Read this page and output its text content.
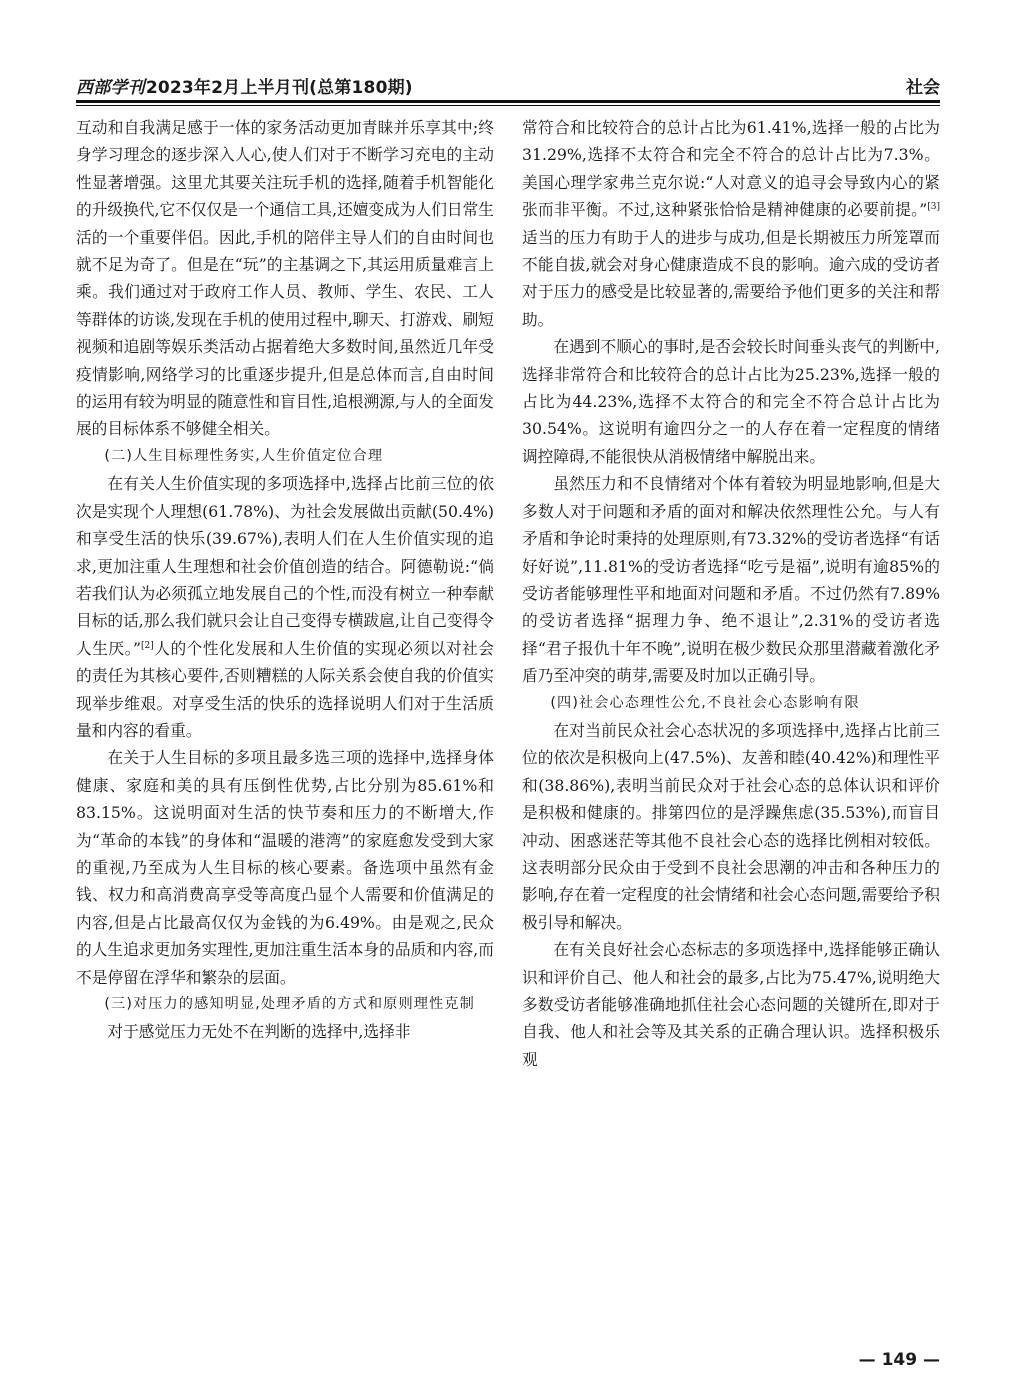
西部学刊2023年2月上半月刊(总第180期)	社会

互动和自我满足感于一体的家务活动更加青睐并乐享其中;终身学习理念的逐步深入人心,使人们对于不断学习充电的主动性显著增强。这里尤其要关注玩手机的选择,随着手机智能化的升级换代,它不仅仅是一个通信工具,还嬗变成为人们日常生活的一个重要伴侣。因此,手机的陪伴主导人们的自由时间也就不足为奇了。但是在“玩”的主基调之下,其运用质量难言上乘。我们通过对于政府工作人员、教师、学生、农民、工人等群体的访谈,发现在手机的使用过程中,聊天、打游戏、刷短视频和追剧等娱乐类活动占据着绝大多数时间,虽然近几年受疫情影响,网络学习的比重逐步提升,但是总体而言,自由时间的运用有较为明显的随意性和盲目性,追根溯源,与人的全面发展的目标体系不够健全相关。

(二)人生目标理性务实,人生价值定位合理

在有关人生价值实现的多项选择中,选择占比前三位的依次是实现个人理想(61.78%)、为社会发展做出贡献(50.4%)和享受生活的快乐(39.67%),表明人们在人生价值实现的追求,更加注重人生理想和社会价值创造的结合。阿德勒说:“倘若我们认为必须孤立地发展自己的个性,而没有树立一种奉献目标的话,那么我们就只会让自己变得专横跋扈,让自己变得令人生厌。”[2]人的个性化发展和人生价值的实现必须以对社会的责任为其核心要件,否则糟糕的人际关系会使自我的价值实现举步维艰。对享受生活的快乐的选择说明人们对于生活质量和内容的看重。

在关于人生目标的多项且最多选三项的选择中,选择身体健康、家庭和美的具有压倒性优势,占比分别为85.61%和83.15%。这说明面对生活的快节奏和压力的不断增大,作为“革命的本钱”的身体和“温暖的港湾”的家庭愈发受到大家的重视,乃至成为人生目标的核心要素。备选项中虽然有金钱、权力和高消费高享受等高度凸显个人需要和价值满足的内容,但是占比最高仅仅为金钱的为6.49%。由是观之,民众的人生追求更加务实理性,更加注重生活本身的品质和内容,而不是停留在浮华和繁杂的层面。

(三)对压力的感知明显,处理矛盾的方式和原则理性克制

对于感觉压力无处不在判断的选择中,选择非

常符合和比较符合的总计占比为61.41%,选择一般的占比为31.29%,选择不太符合和完全不符合的总计占比为7.3%。美国心理学家弗兰克尔说:“人对意义的追寻会导致内心的紧张而非平衡。不过,这种紧张恰恰是精神健康的必要前提。”[3]适当的压力有助于人的进步与成功,但是长期被压力所笼罩而不能自拔,就会对身心健康造成不良的影响。逾六成的受访者对于压力的感受是比较显著的,需要给予他们更多的关注和帮助。

在遇到不顺心的事时,是否会较长时间垂头丧气的判断中,选择非常符合和比较符合的总计占比为25.23%,选择一般的占比为44.23%,选择不太符合的和完全不符合总计占比为30.54%。这说明有逾四分之一的人存在着一定程度的情绪调控障碍,不能很快从消极情绪中解脱出来。

虽然压力和不良情绪对个体有着较为明显地影响,但是大多数人对于问题和矛盾的面对和解决依然理性公允。与人有矛盾和争论时秉持的处理原则,有73.32%的受访者选择“有话好好说”,11.81%的受访者选择“吃亏是福”,说明有逾85%的受访者能够理性平和地面对问题和矛盾。不过仍然有7.89%的受访者选择“据理力争、绝不退让”,2.31%的受访者选择“君子报仇十年不晚”,说明在极少数民众那里潜藏着激化矛盾乃至冲突的萌芽,需要及时加以正确引导。

(四)社会心态理性公允,不良社会心态影响有限

在对当前民众社会心态状况的多项选择中,选择占比前三位的依次是积极向上(47.5%)、友善和睦(40.42%)和理性平和(38.86%),表明当前民众对于社会心态的总体认识和评价是积极和健康的。排第四位的是浮躁焦虑(35.53%),而盲目冲动、困惑迷茫等其他不良社会心态的选择比例相对较低。这表明部分民众由于受到不良社会思潮的冲击和各种压力的影响,存在着一定程度的社会情绪和社会心态问题,需要给予积极引导和解决。

在有关良好社会心态标志的多项选择中,选择能够正确认识和评价自己、他人和社会的最多,占比为75.47%,说明绝大多数受访者能够准确地抓住社会心态问题的关键所在,即对于自我、他人和社会等及其关系的正确合理认识。选择积极乐观

— 149 —
